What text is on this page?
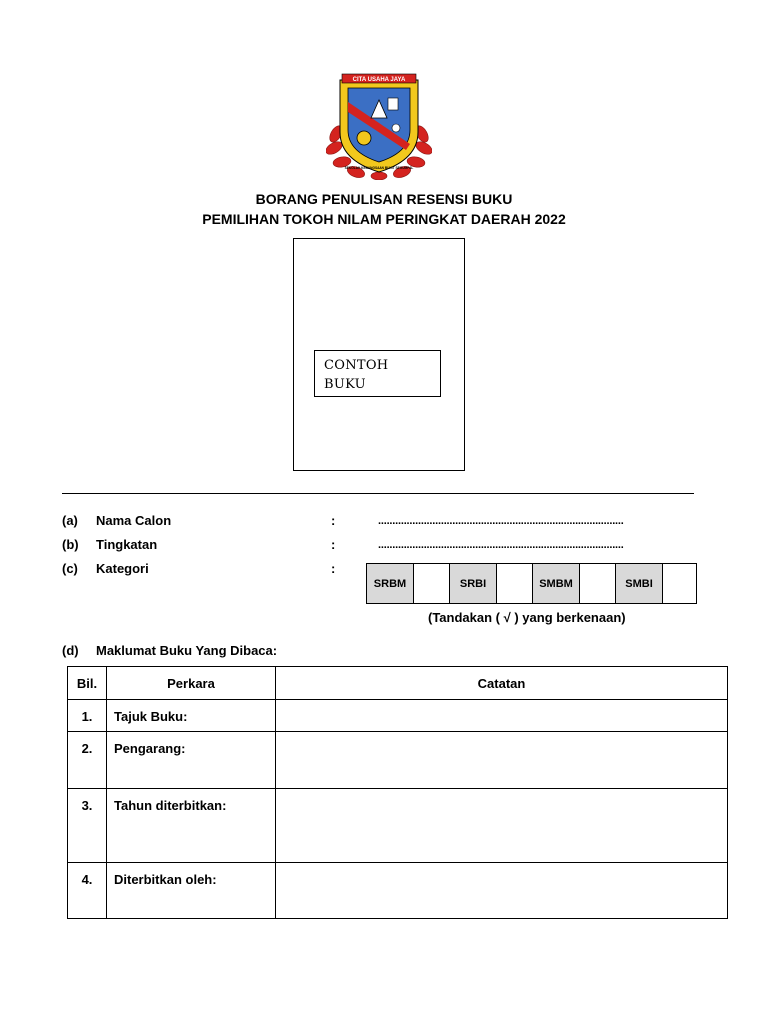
CITA USAHA JAYA
SEKOLAH KEBANGSAAN BUKIT SEGUMPAL
BORANG PENULISAN RESENSI BUKU
PEMILIHAN TOKOH NILAM PERINGKAT DAERAH 2022
CONTOH
BUKU
(a) Nama Calon	:	......................................................................................
(b) Tingkatan	:	......................................................................................
(c) Kategori	:
SRBM		SRBI		SMBM		SMBI	
(Tandakan ( √ ) yang berkenaan)
(d) Maklumat Buku Yang Dibaca:
Bil.	Perkara	Catatan
1.	Tajuk Buku:	
2.	Pengarang:	
3.	Tahun diterbitkan:	
4.	Diterbitkan oleh:	
